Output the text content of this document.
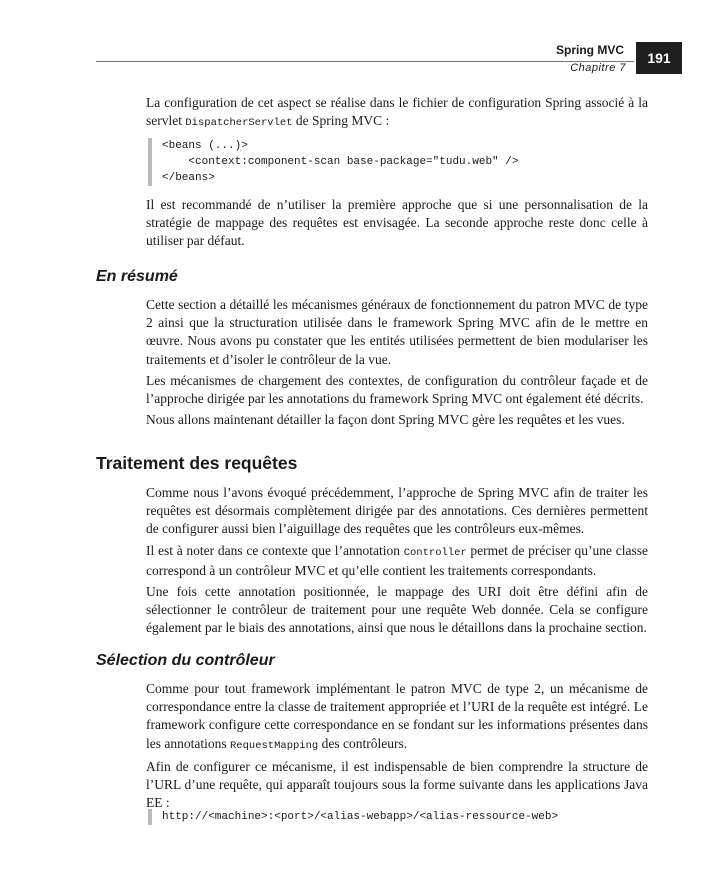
Spring MVC
Chapitre 7
191

La configuration de cet aspect se réalise dans le fichier de configuration Spring associé à la servlet DispatcherServlet de Spring MVC :

<beans (...)>
<context:component-scan base-package="tudu.web" />
</beans>

Il est recommandé de n’utiliser la première approche que si une personnalisation de la stratégie de mappage des requêtes est envisagée. La seconde approche reste donc celle à utiliser par défaut.

En résumé

Cette section a détaillé les mécanismes généraux de fonctionnement du patron MVC de type 2 ainsi que la structuration utilisée dans le framework Spring MVC afin de le mettre en œuvre. Nous avons pu constater que les entités utilisées permettent de bien modulariser les traitements et d’isoler le contrôleur de la vue.

Les mécanismes de chargement des contextes, de configuration du contrôleur façade et de l’approche dirigée par les annotations du framework Spring MVC ont également été décrits.

Nous allons maintenant détailler la façon dont Spring MVC gère les requêtes et les vues.

Traitement des requêtes

Comme nous l’avons évoqué précédemment, l’approche de Spring MVC afin de traiter les requêtes est désormais complètement dirigée par des annotations. Ces dernières permettent de configurer aussi bien l’aiguillage des requêtes que les contrôleurs eux-mêmes.

Il est à noter dans ce contexte que l’annotation Controller permet de préciser qu’une classe correspond à un contrôleur MVC et qu’elle contient les traitements correspondants.

Une fois cette annotation positionnée, le mappage des URI doit être défini afin de sélectionner le contrôleur de traitement pour une requête Web donnée. Cela se configure également par le biais des annotations, ainsi que nous le détaillons dans la prochaine section.

Sélection du contrôleur

Comme pour tout framework implémentant le patron MVC de type 2, un mécanisme de correspondance entre la classe de traitement appropriée et l’URI de la requête est intégré. Le framework configure cette correspondance en se fondant sur les informations présentes dans les annotations RequestMapping des contrôleurs.

Afin de configurer ce mécanisme, il est indispensable de bien comprendre la structure de l’URL d’une requête, qui apparaît toujours sous la forme suivante dans les applications Java EE :

http://<machine>:<port>/<alias-webapp>/<alias-ressource-web>
